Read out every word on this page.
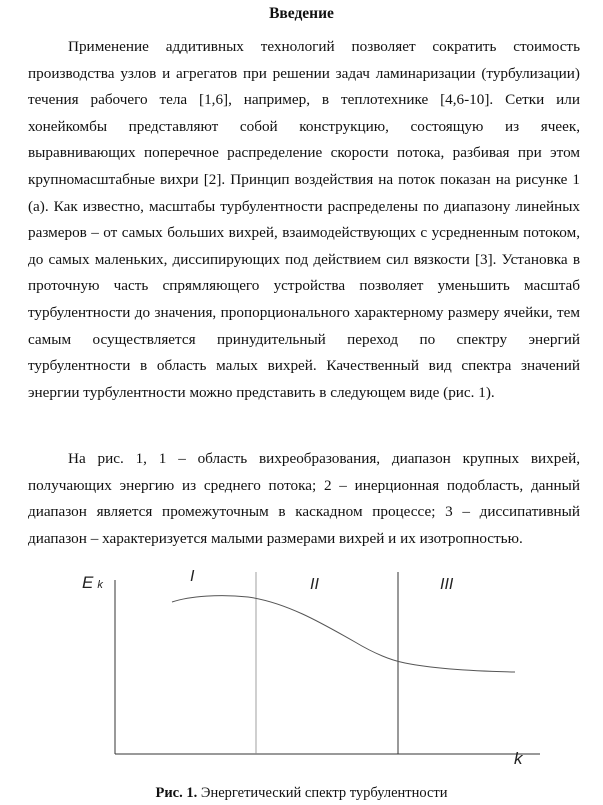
Введение

Применение аддитивных технологий позволяет сократить стоимость производства узлов и агрегатов при решении задач ламинаризации (турбулизации) течения рабочего тела [1,6], например, в теплотехнике [4,6-10]. Сетки или хонейкомбы представляют собой конструкцию, состоящую из ячеек, выравнивающих поперечное распределение скорости потока, разбивая при этом крупномасштабные вихри [2]. Принцип воздействия на поток показан на рисунке 1 (а). Как известно, масштабы турбулентности распределены по диапазону линейных размеров – от самых больших вихрей, взаимодействующих с усредненным потоком, до самых маленьких, диссипирующих под действием сил вязкости [3]. Установка в проточную часть спрямляющего устройства позволяет уменьшить масштаб турбулентности до значения, пропорционального характерному размеру ячейки, тем самым осуществляется принудительный переход по спектру энергий турбулентности в область малых вихрей. Качественный вид спектра значений энергии турбулентности можно представить в следующем виде (рис. 1).

На рис. 1, 1 – область вихреобразования, диапазон крупных вихрей, получающих энергию из среднего потока; 2 – инерционная подобласть, данный диапазон является промежуточным в каскадном процессе; 3 – диссипативный диапазон – характеризуется малыми размерами вихрей и их изотропностью.

Ek	I	II	III
k
Рис. 1. Энергетический спектр турбулентности
